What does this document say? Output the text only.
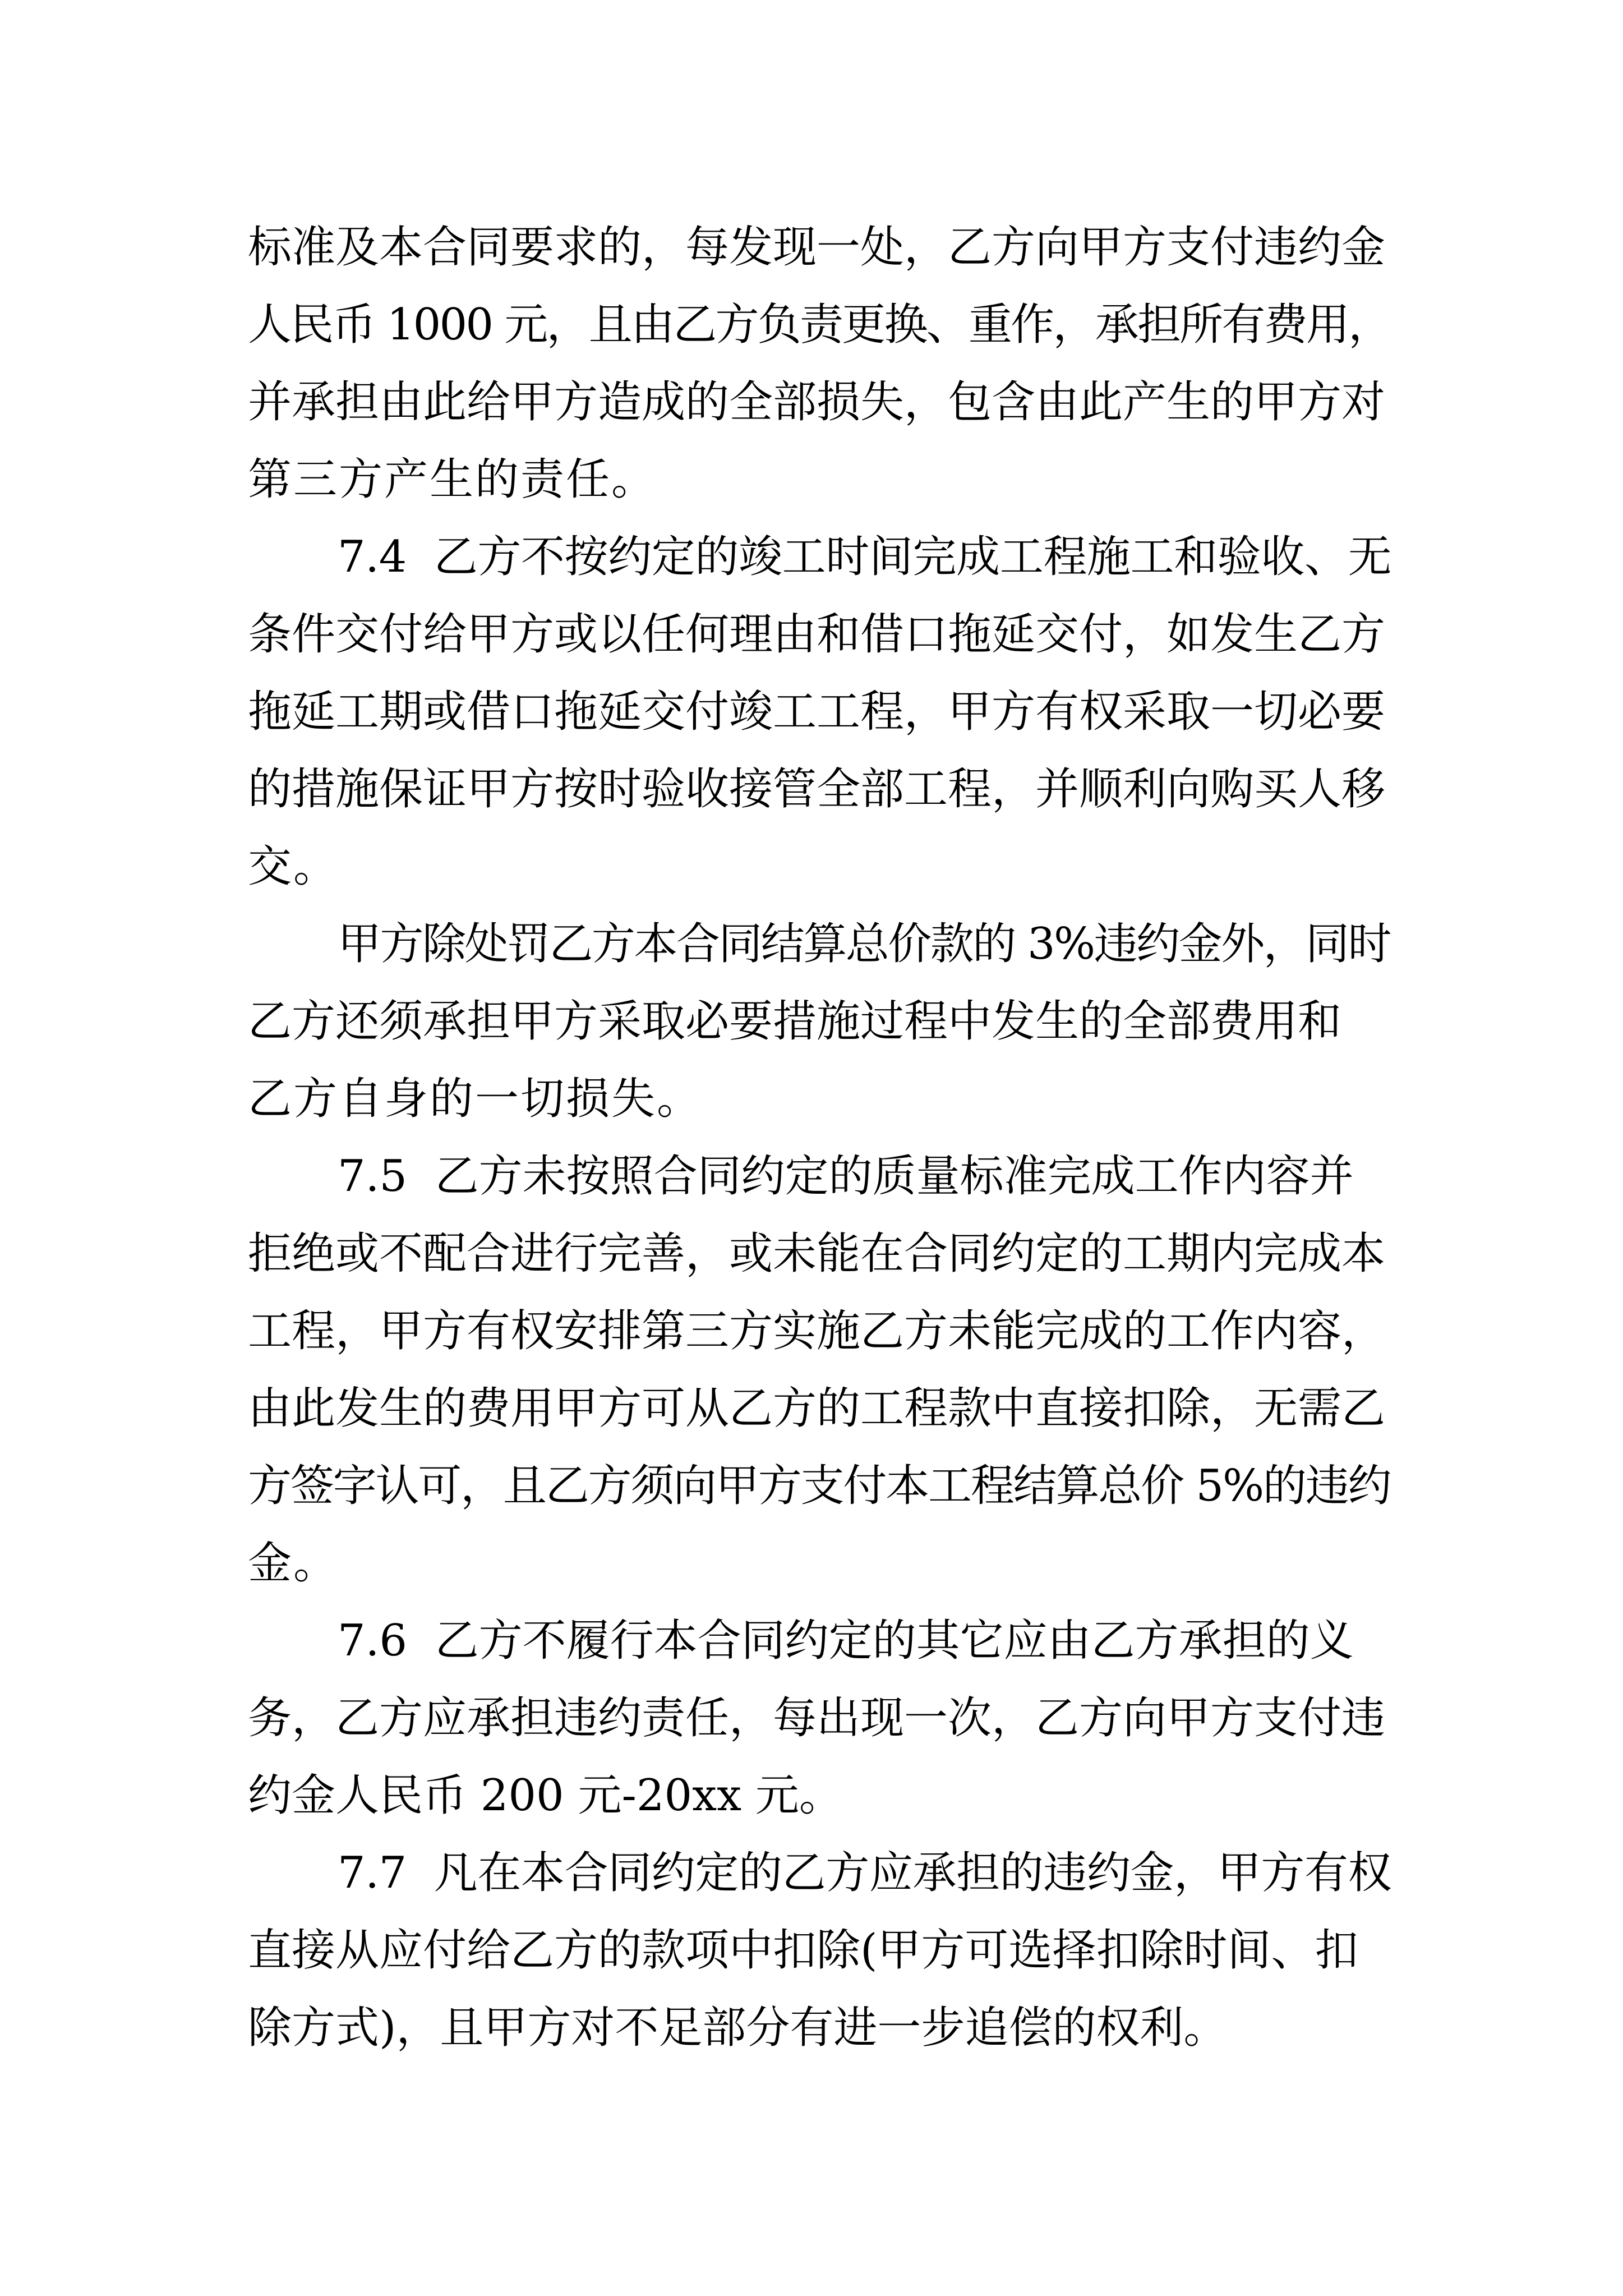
标准及本合同要求的，每发现一处，乙方向甲方支付违约金
人民币 1000 元，且由乙方负责更换、重作，承担所有费用，
并承担由此给甲方造成的全部损失，包含由此产生的甲方对
第三方产生的责任。
7.4  乙方不按约定的竣工时间完成工程施工和验收、无
条件交付给甲方或以任何理由和借口拖延交付，如发生乙方
拖延工期或借口拖延交付竣工工程，甲方有权采取一切必要
的措施保证甲方按时验收接管全部工程，并顺利向购买人移
交。
甲方除处罚乙方本合同结算总价款的 3%违约金外，同时
乙方还须承担甲方采取必要措施过程中发生的全部费用和
乙方自身的一切损失。
7.5  乙方未按照合同约定的质量标准完成工作内容并
拒绝或不配合进行完善，或未能在合同约定的工期内完成本
工程，甲方有权安排第三方实施乙方未能完成的工作内容，
由此发生的费用甲方可从乙方的工程款中直接扣除，无需乙
方签字认可，且乙方须向甲方支付本工程结算总价 5%的违约
金。
7.6  乙方不履行本合同约定的其它应由乙方承担的义
务，乙方应承担违约责任，每出现一次，乙方向甲方支付违
约金人民币 200 元-20xx 元。
7.7  凡在本合同约定的乙方应承担的违约金，甲方有权
直接从应付给乙方的款项中扣除(甲方可选择扣除时间、扣
除方式)，且甲方对不足部分有进一步追偿的权利。
